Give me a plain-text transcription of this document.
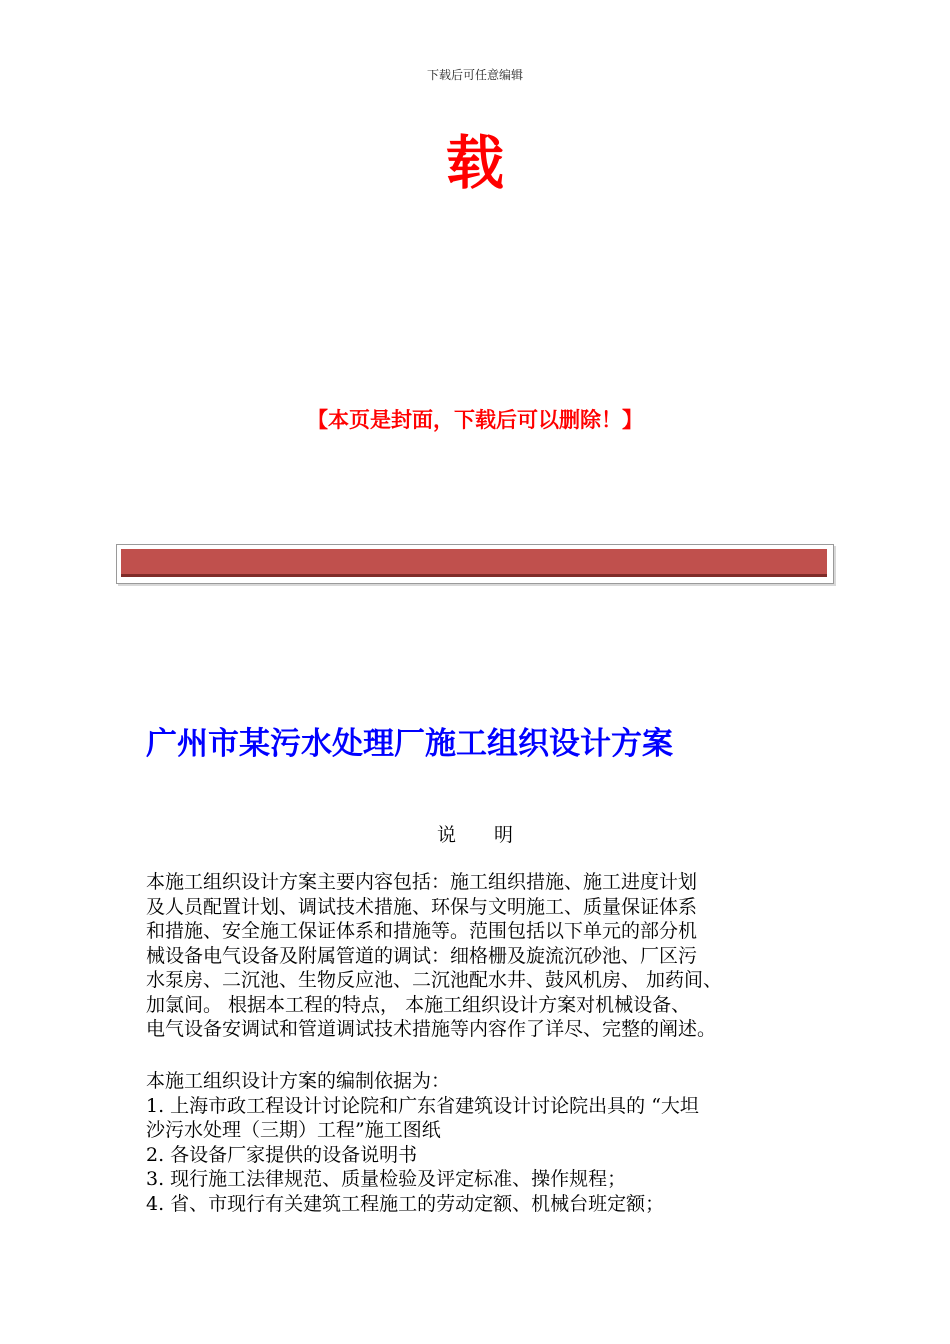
下载后可任意编辑
载
【本页是封面，下载后可以删除！】
广州市某污水处理厂施工组织设计方案
说　　明

本施工组织设计方案主要内容包括：施工组织措施、施工进度计划

及人员配置计划、调试技术措施、环保与文明施工、质量保证体系

和措施、安全施工保证体系和措施等。范围包括以下单元的部分机

械设备电气设备及附属管道的调试：细格栅及旋流沉砂池、厂区污

水泵房、二沉池、生物反应池、二沉池配水井、鼓风机房、 加药间、

加氯间。 根据本工程的特点， 本施工组织设计方案对机械设备、

电气设备安调试和管道调试技术措施等内容作了详尽、完整的阐述。

本施工组织设计方案的编制依据为：

1. 上海市政工程设计讨论院和广东省建筑设计讨论院出具的 “大坦

沙污水处理（三期）工程”施工图纸

2. 各设备厂家提供的设备说明书

3. 现行施工法律规范、质量检验及评定标准、操作规程；

4. 省、市现行有关建筑工程施工的劳动定额、机械台班定额；
